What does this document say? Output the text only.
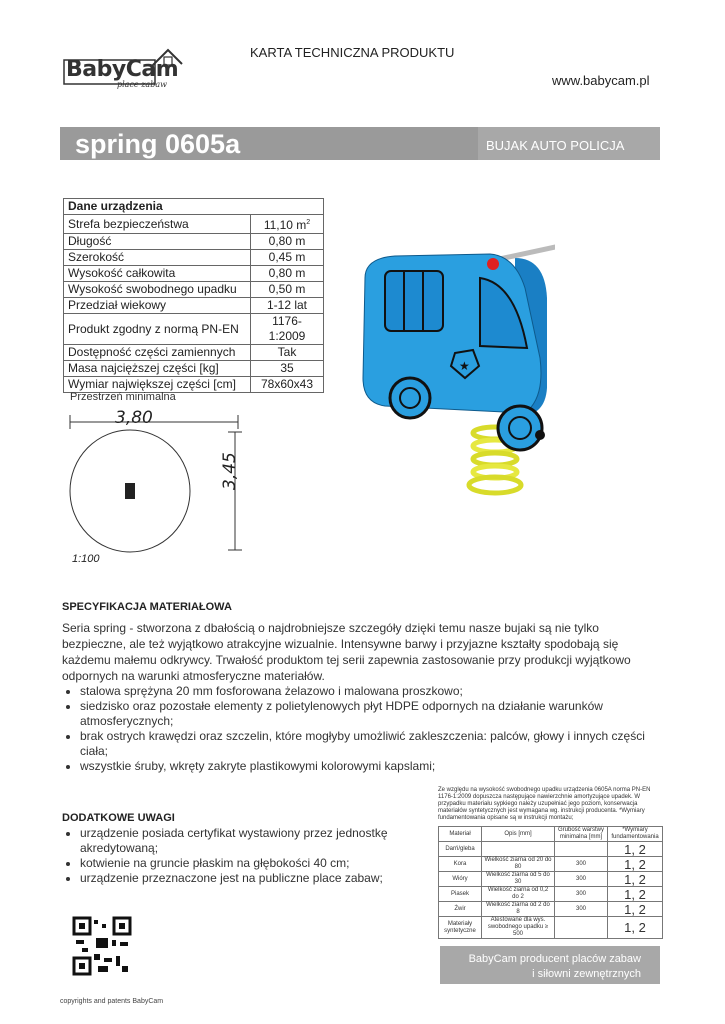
BabyCam
place zabaw
KARTA TECHNICZNA PRODUKTU
www.babycam.pl
spring 0605a	BUJAK AUTO POLICJA
Dane urządzenia	
Strefa bezpieczeństwa	11,10 $m^2$
Długość	0,80 m
Szerokość	0,45 m
Wysokość całkowita	0,80 m
Wysokość swobodnego upadku	0,50 m
Przedział wiekowy	1-12 lat
Produkt zgodny z normą PN-EN	1176-1:2009
Dostępność części zamiennych	Tak
Masa najcięższej części [kg]	35
Wymiar największej części [cm]	78x60x43
Przestrzeń minimalna
3,80
3,45
1:100
★
SPECYFIKACJA MATERIAŁOWA
Seria spring - stworzona z dbałością o najdrobniejsze szczegóły dzięki temu nasze bujaki są nie tylko bezpieczne, ale też wyjątkowo atrakcyjne wizualnie. Intensywne barwy i przyjazne kształty spodobają się każdemu małemu odkrywcy. Trwałość produktom tej serii zapewnia zastosowanie przy produkcji wyjątkowo odpornych na warunki atmosferyczne materiałów.
• stalowa sprężyna 20 mm fosforowana żelazowo i malowana proszkowo;
• siedzisko oraz pozostałe elementy z polietylenowych płyt HDPE odpornych na działanie warunków atmosferycznych;
• brak ostrych krawędzi oraz szczelin, które mogłyby umożliwić zakleszczenia: palców, głowy i innych części ciała;
• wszystkie śruby, wkręty zakryte plastikowymi kolorowymi kapslami;
DODATKOWE UWAGI
• urządzenie posiada certyfikat wystawiony przez jednostkę akredytowaną;
• kotwienie na gruncie płaskim na głębokości 40 cm;
• urządzenie przeznaczone jest na publiczne place zabaw;
Ze względu na wysokość swobodnego upadku urządzenia 0605A norma PN-EN 1176-1:2009 dopuszcza następujące nawierzchnie amortyzujące upadek. W przypadku materiału sypkiego należy uzupełniać jego poziom, konserwacja materiałów syntetycznych jest wymagana wg. instrukcji producenta. *Wymiary fundamentowania opisane są w instrukcji montażu;
Materiał	Opis [mm]	Grubość warstwy minimalna [mm]	*Wymiary fundamentowania
Darń/gleba			1, 2
Kora	Wielkość ziarna od 20 do 80	300	1, 2
Wióry	Wielkość ziarna od 5 do 30	300	1, 2
Piasek	Wielkość ziarna od 0,2 do 2	300	1, 2
Żwir	Wielkość ziarna od 2 do 8	300	1, 2
Materiały syntetyczne	Atestowane dla wys. swobodnego upadku ≥ 500		1, 2
BabyCam producent placów zabaw
i siłowni zewnętrznych
copyrights and patents BabyCam
